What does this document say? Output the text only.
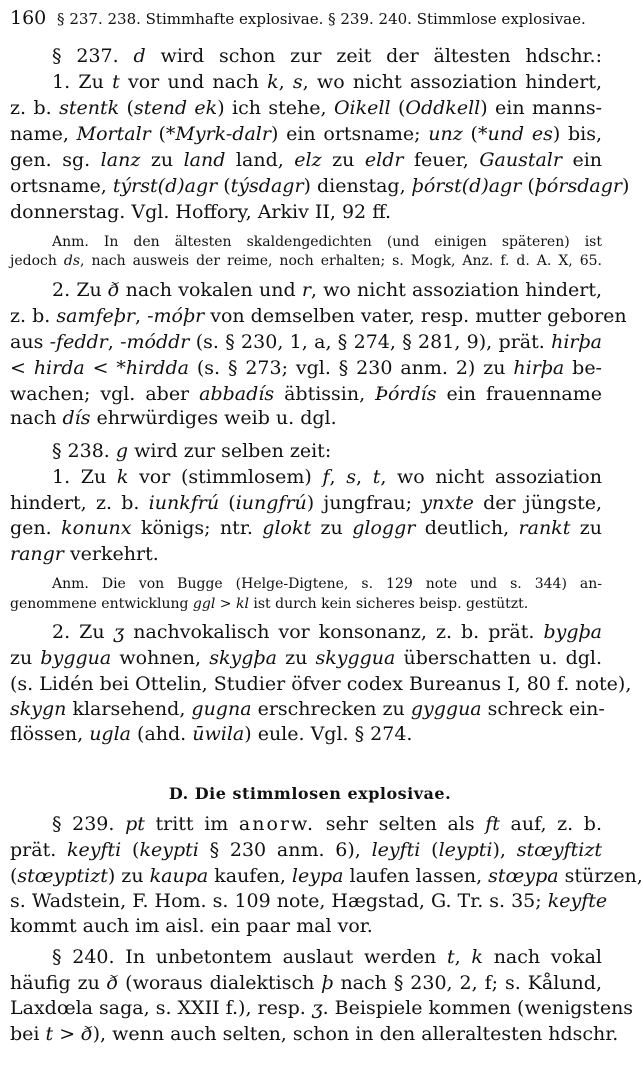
160 § 237. 238. Stimmhafte explosivae. § 239. 240. Stimmlose explosivae.
§ 237. d wird schon zur zeit der ältesten hdschr.:
1. Zu t vor und nach k, s, wo nicht assoziation hindert,
z. b. stentk (stend ek) ich stehe, Oikell (Oddkell) ein manns-
name, Mortalr (*Myrk-dalr) ein ortsname; unz (*und es) bis,
gen. sg. lanz zu land land, elz zu eldr feuer, Gaustalr ein
ortsname, týrst(d)agr (týsdagr) dienstag, þórst(d)agr (þórsdagr)
donnerstag. Vgl. Hoffory, Arkiv II, 92 ff.
Anm. In den ältesten skaldengedichten (und einigen späteren) ist
jedoch ds, nach ausweis der reime, noch erhalten; s. Mogk, Anz. f. d. A. X, 65.
2. Zu ð nach vokalen und r, wo nicht assoziation hindert,
z. b. samfeþr, -móþr von demselben vater, resp. mutter geboren
aus -feddr, -móddr (s. § 230, 1, a, § 274, § 281, 9), prät. hirþa
< hirda < *hirdda (s. § 273; vgl. § 230 anm. 2) zu hirþa be-
wachen; vgl. aber abbadís äbtissin, Þórdís ein frauenname
nach dís ehrwürdiges weib u. dgl.
§ 238. g wird zur selben zeit:
1. Zu k vor (stimmlosem) f, s, t, wo nicht assoziation
hindert, z. b. iunkfrú (iungfrú) jungfrau; ynxte der jüngste,
gen. konunx königs; ntr. glokt zu gloggr deutlich, rankt zu
rangr verkehrt.
Anm. Die von Bugge (Helge-Digtene, s. 129 note und s. 344) an-
genommene entwicklung ggl > kl ist durch kein sicheres beisp. gestützt.
2. Zu ʒ nachvokalisch vor konsonanz, z. b. prät. bygþa
zu byggua wohnen, skygþa zu skyggua überschatten u. dgl.
(s. Lidén bei Ottelin, Studier öfver codex Bureanus I, 80 f. note),
skygn klarsehend, gugna erschrecken zu gyggua schreck ein-
flössen, ugla (ahd. ūwila) eule. Vgl. § 274.
D. Die stimmlosen explosivae.
§ 239. pt tritt im anorw. sehr selten als ft auf, z. b.
prät. keyfti (keypti § 230 anm. 6), leyfti (leypti), stœyftizt
(stœyptizt) zu kaupa kaufen, leypa laufen lassen, stœypa stürzen,
s. Wadstein, F. Hom. s. 109 note, Hægstad, G. Tr. s. 35; keyfte
kommt auch im aisl. ein paar mal vor.
§ 240. In unbetontem auslaut werden t, k nach vokal
häufig zu ð (woraus dialektisch þ nach § 230, 2, f; s. Kålund,
Laxdœla saga, s. XXII f.), resp. ʒ. Beispiele kommen (wenigstens
bei t > ð), wenn auch selten, schon in den alleraltesten hdschr.
